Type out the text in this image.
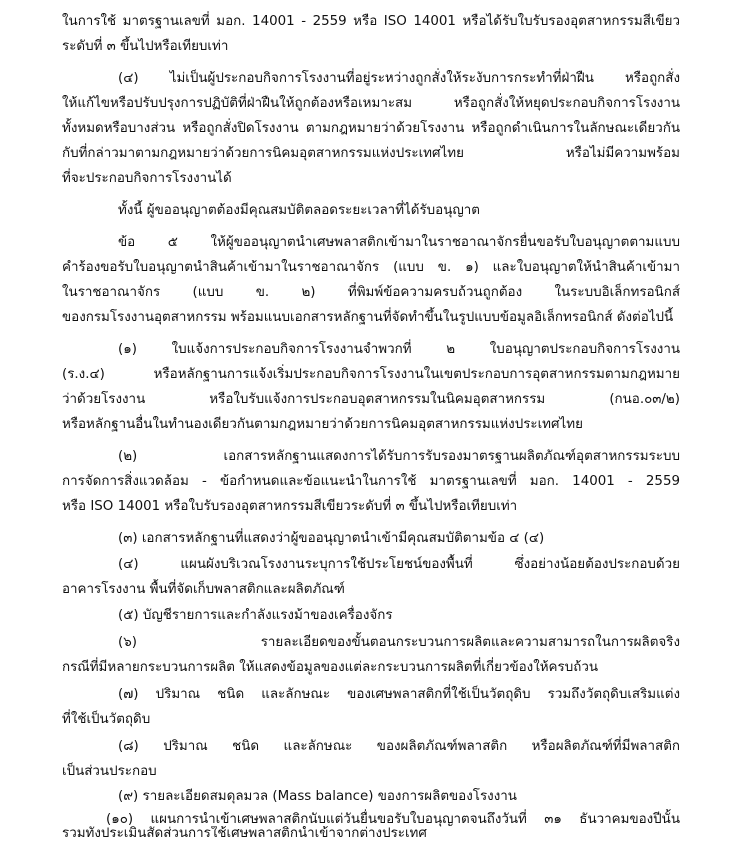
ในการใช้ มาตรฐานเลขที่ มอก. 14001 - 2559 หรือ ISO 14001 หรือได้รับใบรับรองอุตสาหกรรมสีเขียว
ระดับที่ ๓ ขึ้นไปหรือเทียบเท่า
(๔) ไม่เป็นผู้ประกอบกิจการโรงงานที่อยู่ระหว่างถูกสั่งให้ระงับการกระทำที่ฝ่าฝืน หรือถูกสั่ง
ให้แก้ไขหรือปรับปรุงการปฏิบัติที่ฝ่าฝืนให้ถูกต้องหรือเหมาะสม หรือถูกสั่งให้หยุดประกอบกิจการโรงงาน
ทั้งหมดหรือบางส่วน หรือถูกสั่งปิดโรงงาน ตามกฎหมายว่าด้วยโรงงาน หรือถูกดำเนินการในลักษณะเดียวกัน
กับที่กล่าวมาตามกฎหมายว่าด้วยการนิคมอุตสาหกรรมแห่งประเทศไทย หรือไม่มีความพร้อม
ที่จะประกอบกิจการโรงงานได้
ทั้งนี้ ผู้ขออนุญาตต้องมีคุณสมบัติตลอดระยะเวลาที่ได้รับอนุญาต
ข้อ ๕ ให้ผู้ขออนุญาตนำเศษพลาสติกเข้ามาในราชอาณาจักรยื่นขอรับใบอนุญาตตามแบบ
คำร้องขอรับใบอนุญาตนำสินค้าเข้ามาในราชอาณาจักร (แบบ ข. ๑) และใบอนุญาตให้นำสินค้าเข้ามา
ในราชอาณาจักร (แบบ ข. ๒) ที่พิมพ์ข้อความครบถ้วนถูกต้อง ในระบบอิเล็กทรอนิกส์
ของกรมโรงงานอุตสาหกรรม พร้อมแนบเอกสารหลักฐานที่จัดทำขึ้นในรูปแบบข้อมูลอิเล็กทรอนิกส์ ดังต่อไปนี้
(๑) ใบแจ้งการประกอบกิจการโรงงานจำพวกที่ ๒ ใบอนุญาตประกอบกิจการโรงงาน
(ร.ง.๔) หรือหลักฐานการแจ้งเริ่มประกอบกิจการโรงงานในเขตประกอบการอุตสาหกรรมตามกฎหมาย
ว่าด้วยโรงงาน หรือใบรับแจ้งการประกอบอุตสาหกรรมในนิคมอุตสาหกรรม (กนอ.๐๓/๒)
หรือหลักฐานอื่นในทำนองเดียวกันตามกฎหมายว่าด้วยการนิคมอุตสาหกรรมแห่งประเทศไทย
(๒) เอกสารหลักฐานแสดงการได้รับการรับรองมาตรฐานผลิตภัณฑ์อุตสาหกรรมระบบ
การจัดการสิ่งแวดล้อม - ข้อกำหนดและข้อแนะนำในการใช้ มาตรฐานเลขที่ มอก. 14001 - 2559
หรือ ISO 14001 หรือใบรับรองอุตสาหกรรมสีเขียวระดับที่ ๓ ขึ้นไปหรือเทียบเท่า
(๓) เอกสารหลักฐานที่แสดงว่าผู้ขออนุญาตนำเข้ามีคุณสมบัติตามข้อ ๔ (๔)
(๔) แผนผังบริเวณโรงงานระบุการใช้ประโยชน์ของพื้นที่ ซึ่งอย่างน้อยต้องประกอบด้วย
อาคารโรงงาน พื้นที่จัดเก็บพลาสติกและผลิตภัณฑ์
(๕) บัญชีรายการและกำลังแรงม้าของเครื่องจักร
(๖) รายละเอียดของขั้นตอนกระบวนการผลิตและความสามารถในการผลิตจริง
กรณีที่มีหลายกระบวนการผลิต ให้แสดงข้อมูลของแต่ละกระบวนการผลิตที่เกี่ยวข้องให้ครบถ้วน
(๗) ปริมาณ ชนิด และลักษณะ ของเศษพลาสติกที่ใช้เป็นวัตถุดิบ รวมถึงวัตถุดิบเสริมแต่ง
ที่ใช้เป็นวัตถุดิบ
(๘) ปริมาณ ชนิด และลักษณะ ของผลิตภัณฑ์พลาสติก หรือผลิตภัณฑ์ที่มีพลาสติก
เป็นส่วนประกอบ
(๙) รายละเอียดสมดุลมวล (Mass balance) ของการผลิตของโรงงาน
(๑๐) แผนการนำเข้าเศษพลาสติกนับแต่วันยื่นขอรับใบอนุญาตจนถึงวันที่ ๓๑ ธันวาคมของปีนั้น
รวมทั้งประเมินสัดส่วนการใช้เศษพลาสติกนำเข้าจากต่างประเทศ
